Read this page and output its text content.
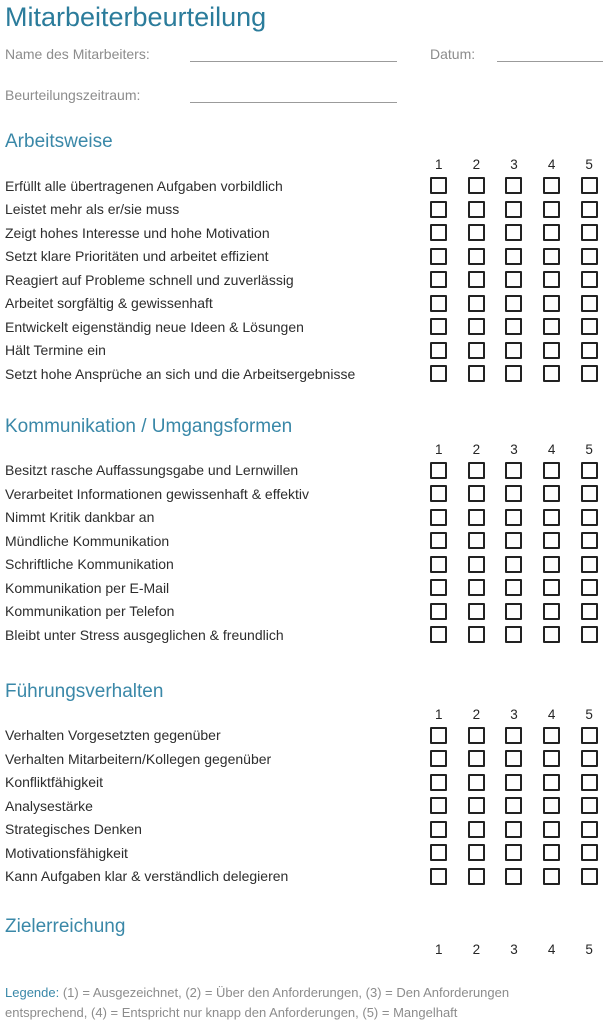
Mitarbeiterbeurteilung
Name des Mitarbeiters:	Datum:
Beurteilungszeitraum:
Arbeitsweise
1	2	3	4	5
Erfüllt alle übertragenen Aufgaben vorbildlich
Leistet mehr als er/sie muss
Zeigt hohes Interesse und hohe Motivation
Setzt klare Prioritäten und arbeitet effizient
Reagiert auf Probleme schnell und zuverlässig
Arbeitet sorgfältig & gewissenhaft
Entwickelt eigenständig neue Ideen & Lösungen
Hält Termine ein
Setzt hohe Ansprüche an sich und die Arbeitsergebnisse
Kommunikation / Umgangsformen
1	2	3	4	5
Besitzt rasche Auffassungsgabe und Lernwillen
Verarbeitet Informationen gewissenhaft & effektiv
Nimmt Kritik dankbar an
Mündliche Kommunikation
Schriftliche Kommunikation
Kommunikation per E-Mail
Kommunikation per Telefon
Bleibt unter Stress ausgeglichen & freundlich
Führungsverhalten
1	2	3	4	5
Verhalten Vorgesetzten gegenüber
Verhalten Mitarbeitern/Kollegen gegenüber
Konfliktfähigkeit
Analysestärke
Strategisches Denken
Motivationsfähigkeit
Kann Aufgaben klar & verständlich delegieren
Zielerreichung
1	2	3	4	5
Legende: (1) = Ausgezeichnet, (2) = Über den Anforderungen, (3) = Den Anforderungen entsprechend, (4) = Entspricht nur knapp den Anforderungen, (5) = Mangelhaft
